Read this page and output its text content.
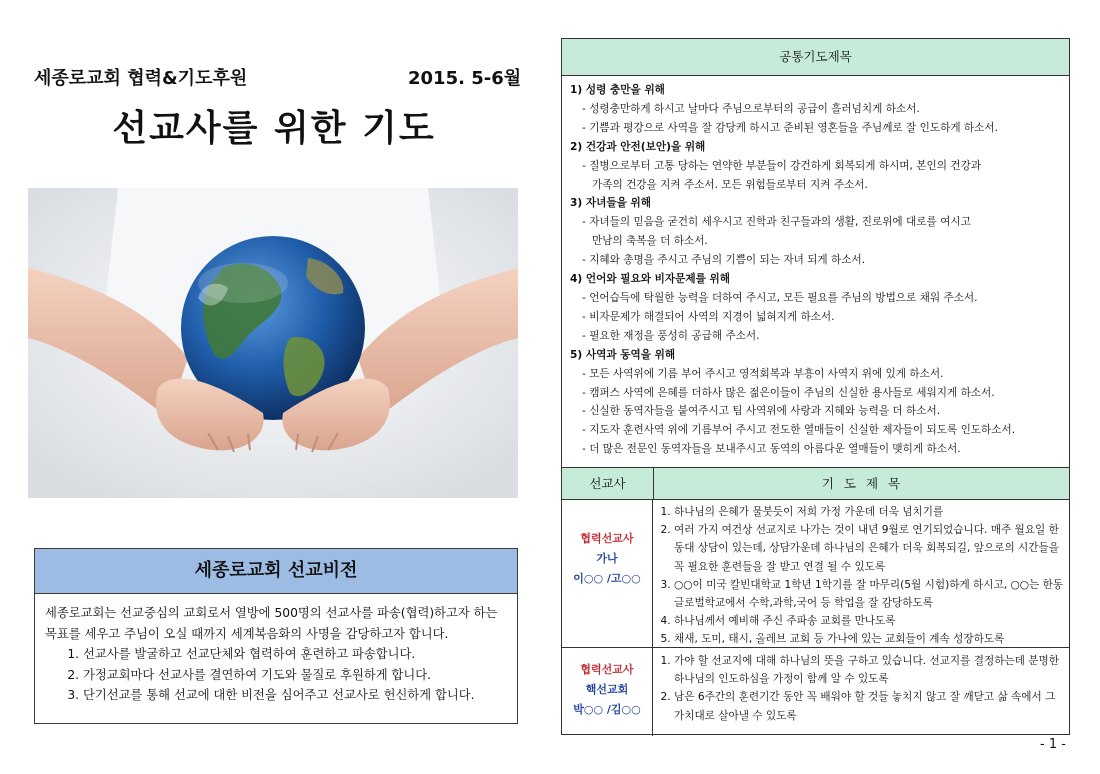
세종로교회 협력&기도후원	2015. 5-6월
선교사를 위한 기도
세종로교회 선교비전

세종로교회는 선교중심의 교회로서 열방에 500명의 선교사를 파송(협력)하고자 하는 목표를 세우고 주님이 오실 때까지 세계복음화의 사명을 감당하고자 합니다.

1. 선교사를 발굴하고 선교단체와 협력하여 훈련하고 파송합니다.
2. 가정교회마다 선교사를 결연하여 기도와 물질로 후원하게 합니다.
3. 단기선교를 통해 선교에 대한 비전을 심어주고 선교사로 헌신하게 합니다.
공통기도제목
1) 성령 충만을 위해
- 성령충만하게 하시고 날마다 주님으로부터의 공급이 흘러넘치게 하소서.
- 기쁨과 평강으로 사역을 잘 감당케 하시고 준비된 영혼들을 주님께로 잘 인도하게 하소서.
2) 건강과 안전(보안)을 위해
- 질병으로부터 고통 당하는 연약한 부분들이 강건하게 회복되게 하시며, 본인의 건강과
가족의 건강을 지켜 주소서. 모든 위험들로부터 지켜 주소서.
3) 자녀들을 위해
- 자녀들의 믿음을 굳건히 세우시고 진학과 친구들과의 생활, 진로위에 대로를 여시고
만남의 축복을 더 하소서.
- 지혜와 총명을 주시고 주님의 기쁨이 되는 자녀 되게 하소서.
4) 언어와 필요와 비자문제를 위해
- 언어습득에 탁월한 능력을 더하여 주시고, 모든 필요를 주님의 방법으로 채워 주소서.
- 비자문제가 해결되어 사역의 지경이 넓혀지게 하소서.
- 필요한 재정을 풍성히 공급해 주소서.
5) 사역과 동역을 위해
- 모든 사역위에 기름 부어 주시고 영적회복과 부흥이 사역지 위에 있게 하소서.
- 캠퍼스 사역에 은혜를 더하사 많은 젊은이들이 주님의 신실한 용사들로 세워지게 하소서.
- 신실한 동역자들을 붙여주시고 팀 사역위에 사랑과 지혜와 능력을 더 하소서.
- 지도자 훈련사역 위에 기름부어 주시고 전도한 열매들이 신실한 제자들이 되도록 인도하소서.
- 더 많은 전문인 동역자들을 보내주시고 동역의 아름다운 열매들이 맺히게 하소서.
선교사	기 도 제 목
협력선교사
가나
이○○ /고○○
1. 하나님의 은혜가 물붓듯이 저희 가정 가운데 더욱 넘치기를
2. 여러 가지 여건상 선교지로 나가는 것이 내년 9월로 연기되었습니다. 매주 월요일 한동대 상담이 있는데, 상담가운데 하나님의 은혜가 더욱 회복되길, 앞으로의 시간들을 꼭 필요한 훈련들을 잘 받고 연결 될 수 있도록
3. ○○이 미국 칼빈대학교 1학년 1학기를 잘 마무리(5월 시험)하게 하시고, ○○는 한동글로벌학교에서 수학,과학,국어 등 학업을 잘 감당하도록
4. 하나님께서 예비해 주신 주파송 교회를 만나도록
5. 채새, 도미, 태시, 올레브 교회 등 가나에 있는 교회들이 계속 성장하도록
협력선교사
핵선교회
박○○ /김○○
1. 가야 할 선교지에 대해 하나님의 뜻을 구하고 있습니다. 선교지를 결정하는데 분명한 하나님의 인도하심을 가정이 함께 알 수 있도록
2. 남은 6주간의 훈련기간 동안 꼭 배워야 할 것들 놓치지 않고 잘 깨닫고 삶 속에서 그 가치대로 살아낼 수 있도록
- 1 -
